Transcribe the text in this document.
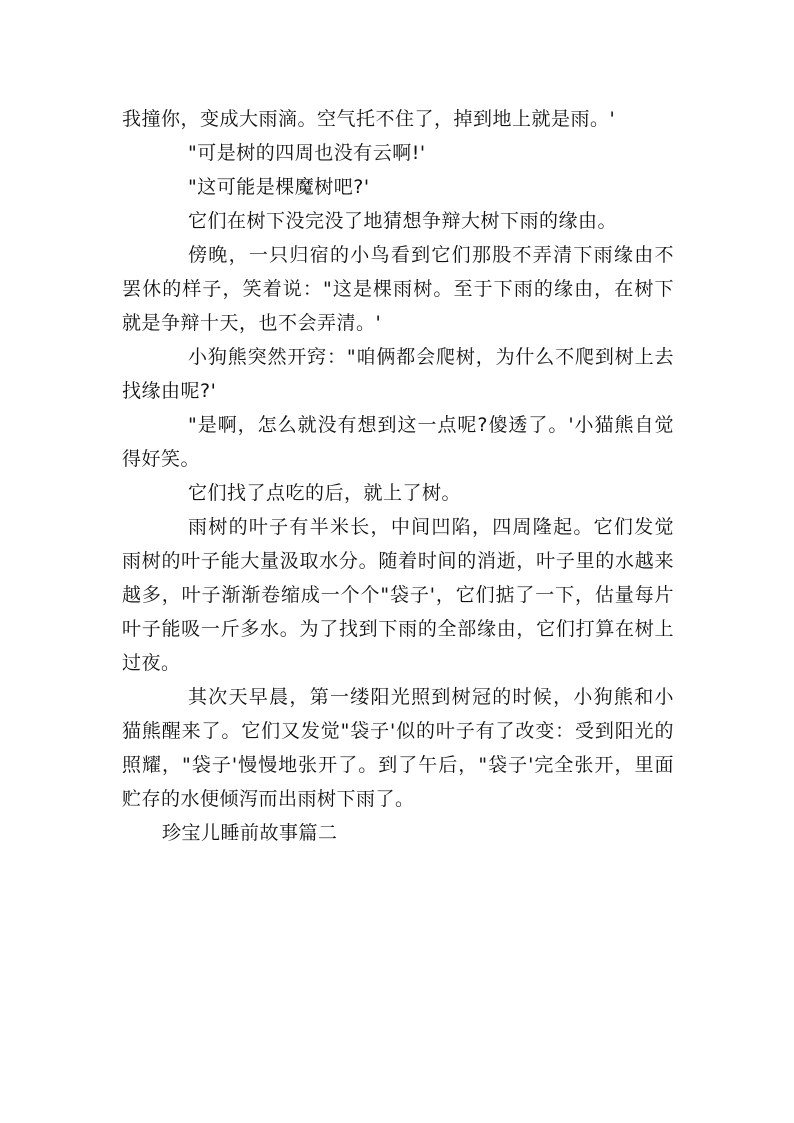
我撞你，变成大雨滴。空气托不住了，掉到地上就是雨。'

"可是树的四周也没有云啊!'

"这可能是棵魔树吧?'

它们在树下没完没了地猜想争辩大树下雨的缘由。

傍晚，一只归宿的小鸟看到它们那股不弄清下雨缘由不罢休的样子，笑着说："这是棵雨树。至于下雨的缘由，在树下就是争辩十天，也不会弄清。'

小狗熊突然开窍："咱俩都会爬树，为什么不爬到树上去找缘由呢?'

"是啊，怎么就没有想到这一点呢?傻透了。'小猫熊自觉得好笑。

它们找了点吃的后，就上了树。

雨树的叶子有半米长，中间凹陷，四周隆起。它们发觉雨树的叶子能大量汲取水分。随着时间的消逝，叶子里的水越来越多，叶子渐渐卷缩成一个个"袋子'，它们掂了一下，估量每片叶子能吸一斤多水。为了找到下雨的全部缘由，它们打算在树上过夜。

其次天早晨，第一缕阳光照到树冠的时候，小狗熊和小猫熊醒来了。它们又发觉"袋子'似的叶子有了改变：受到阳光的照耀，"袋子'慢慢地张开了。到了午后，"袋子'完全张开，里面贮存的水便倾泻而出雨树下雨了。

珍宝儿睡前故事篇二
